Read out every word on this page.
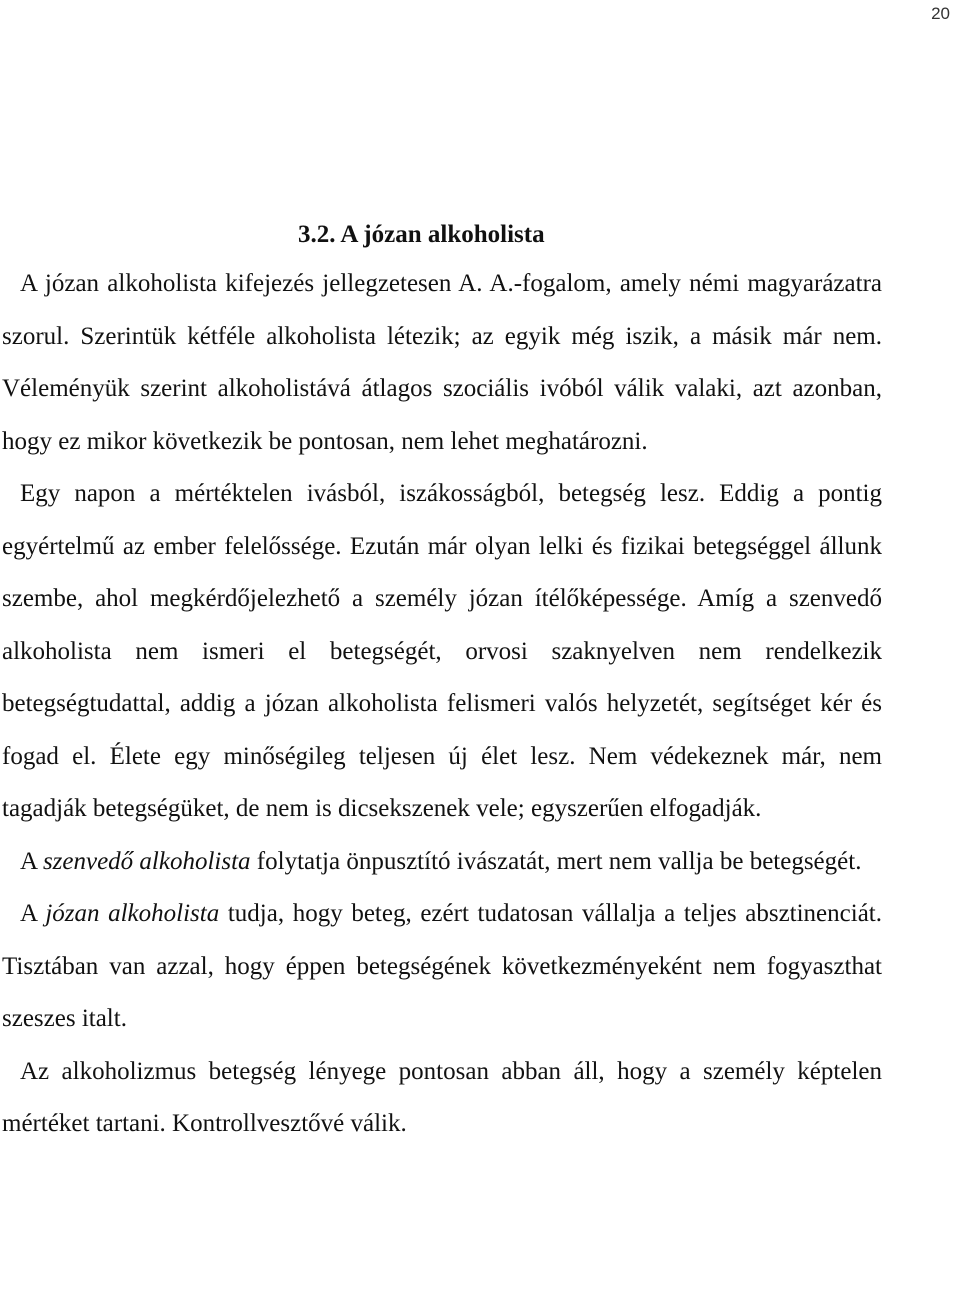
20
3.2. A józan alkoholista

A józan alkoholista kifejezés jellegzetesen A. A.-fogalom, amely némi magyarázatra szorul. Szerintük kétféle alkoholista létezik; az egyik még iszik, a másik már nem. Véleményük szerint alkoholistává átlagos szociális ivóból válik valaki, azt azonban, hogy ez mikor következik be pontosan, nem lehet meghatározni.

Egy napon a mértéktelen ivásból, iszákosságból, betegség lesz. Eddig a pontig egyértelmű az ember felelőssége. Ezután már olyan lelki és fizikai betegséggel állunk szembe, ahol megkérdőjelezhető a személy józan ítélőképessége. Amíg a szenvedő alkoholista nem ismeri el betegségét, orvosi szaknyelven nem rendelkezik betegségtudattal, addig a józan alkoholista felismeri valós helyzetét, segítséget kér és fogad el. Élete egy minőségileg teljesen új élet lesz. Nem védekeznek már, nem tagadják betegségüket, de nem is dicsekszenek vele; egyszerűen elfogadják.

A szenvedő alkoholista folytatja önpusztító ivászatát, mert nem vallja be betegségét.

A józan alkoholista tudja, hogy beteg, ezért tudatosan vállalja a teljes absztinenciát. Tisztában van azzal, hogy éppen betegségének következményeként nem fogyaszthat szeszes italt.

Az alkoholizmus betegség lényege pontosan abban áll, hogy a személy képtelen mértéket tartani. Kontrollvesztővé válik.
